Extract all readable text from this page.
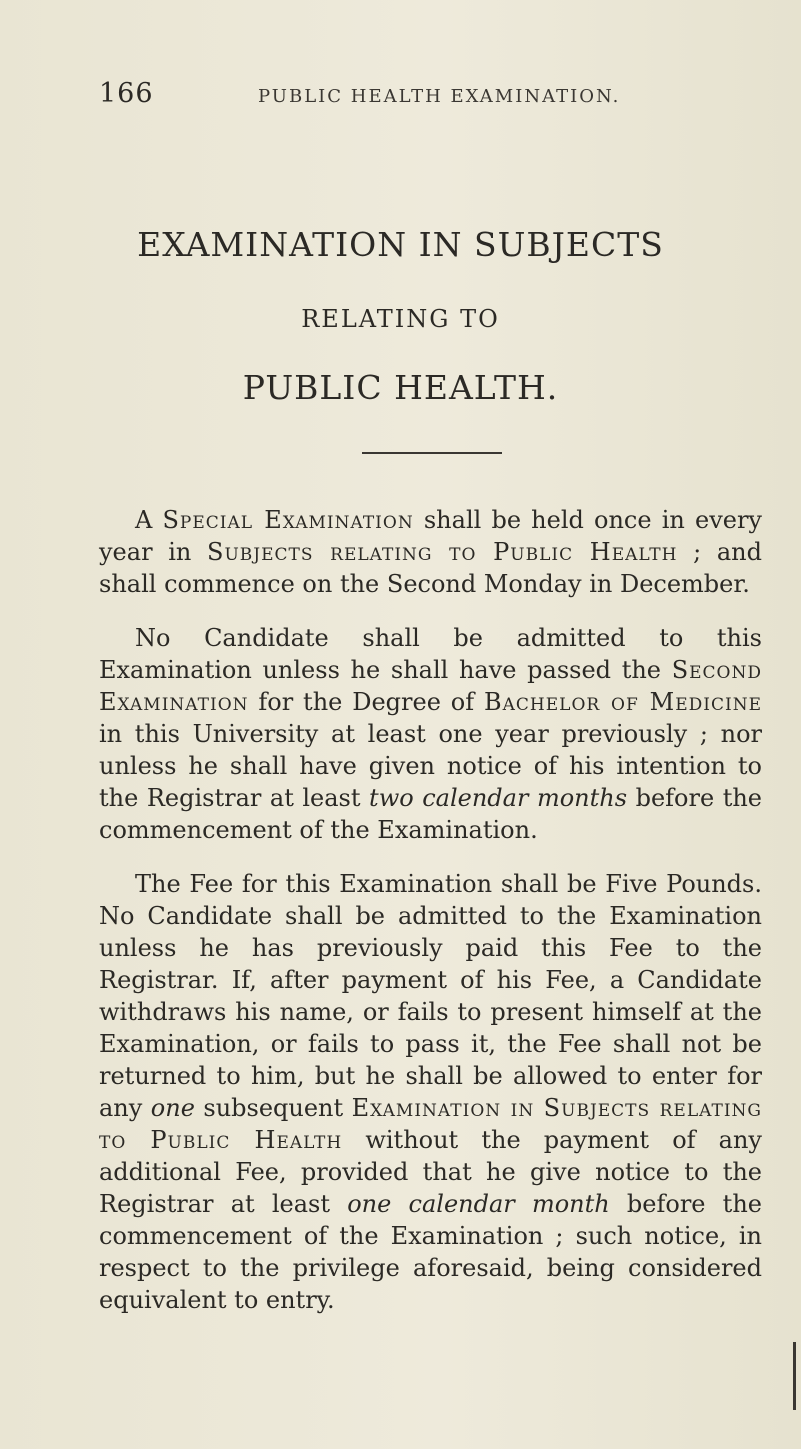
166	PUBLIC HEALTH EXAMINATION.
EXAMINATION IN SUBJECTS
RELATING TO
PUBLIC HEALTH.

A Special Examination shall be held once in every year in Subjects relating to Public Health ; and shall commence on the Second Monday in December.

No Candidate shall be admitted to this Examination unless he shall have passed the Second Examination for the Degree of Bachelor of Medicine in this University at least one year previously ; nor unless he shall have given notice of his intention to the Registrar at least two calendar months before the commencement of the Examination.

The Fee for this Examination shall be Five Pounds. No Candidate shall be admitted to the Examination unless he has previously paid this Fee to the Registrar. If, after payment of his Fee, a Candidate withdraws his name, or fails to present himself at the Examination, or fails to pass it, the Fee shall not be returned to him, but he shall be allowed to enter for any one subsequent Examination in Subjects relating to Public Health without the payment of any additional Fee, provided that he give notice to the Registrar at least one calendar month before the commencement of the Examination ; such notice, in respect to the privilege aforesaid, being considered equivalent to entry.
